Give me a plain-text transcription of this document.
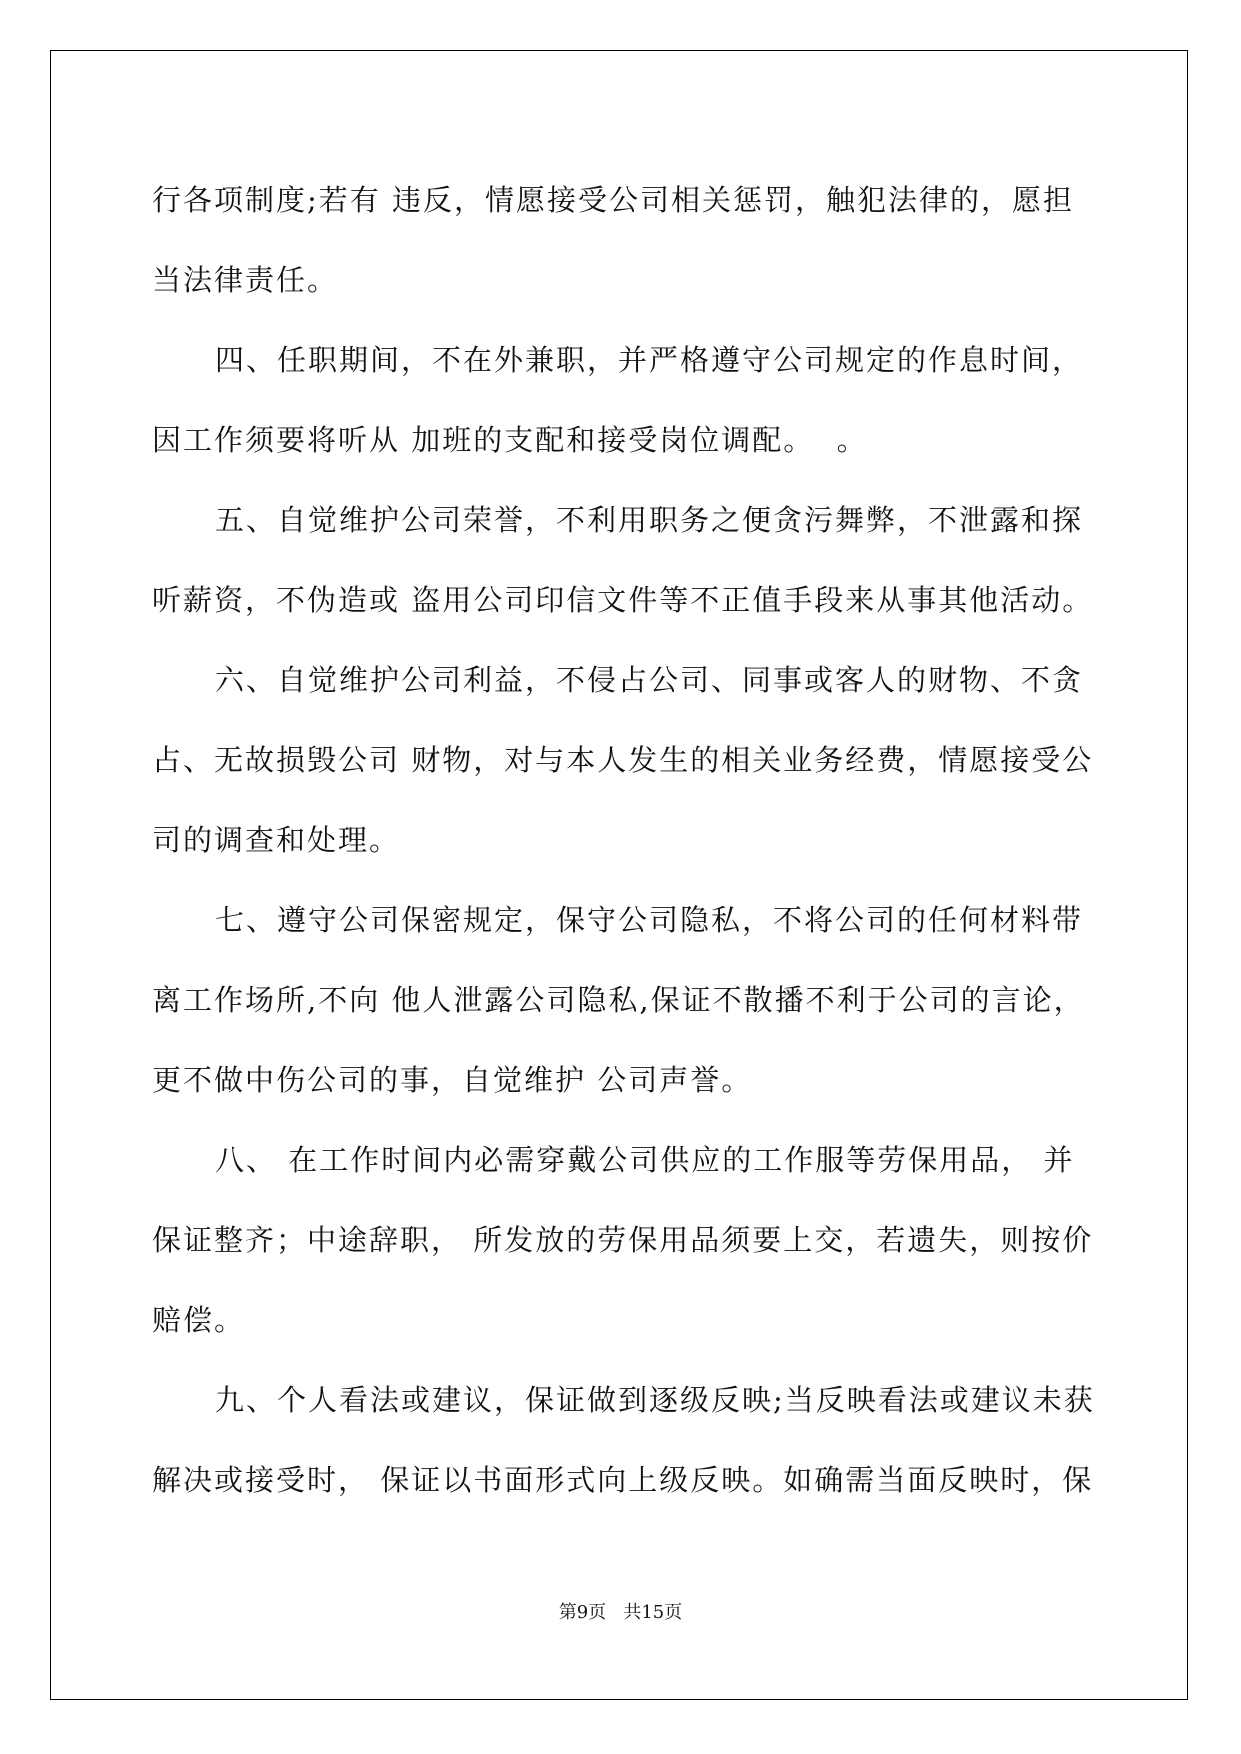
行各项制度;若有 违反，情愿接受公司相关惩罚，触犯法律的，愿担
当法律责任。
四、任职期间，不在外兼职，并严格遵守公司规定的作息时间，
因工作须要将听从 加班的支配和接受岗位调配。  。
五、自觉维护公司荣誉，不利用职务之便贪污舞弊，不泄露和探
听薪资，不伪造或 盗用公司印信文件等不正值手段来从事其他活动。
六、自觉维护公司利益，不侵占公司、同事或客人的财物、不贪
占、无故损毁公司 财物，对与本人发生的相关业务经费，情愿接受公
司的调查和处理。
七、遵守公司保密规定，保守公司隐私，不将公司的任何材料带
离工作场所,不向 他人泄露公司隐私,保证不散播不利于公司的言论，
更不做中伤公司的事，自觉维护 公司声誉。
八、 在工作时间内必需穿戴公司供应的工作服等劳保用品， 并
保证整齐；中途辞职， 所发放的劳保用品须要上交，若遗失，则按价
赔偿。
九、个人看法或建议，保证做到逐级反映;当反映看法或建议未获
解决或接受时， 保证以书面形式向上级反映。如确需当面反映时，保
第9页 共15页
